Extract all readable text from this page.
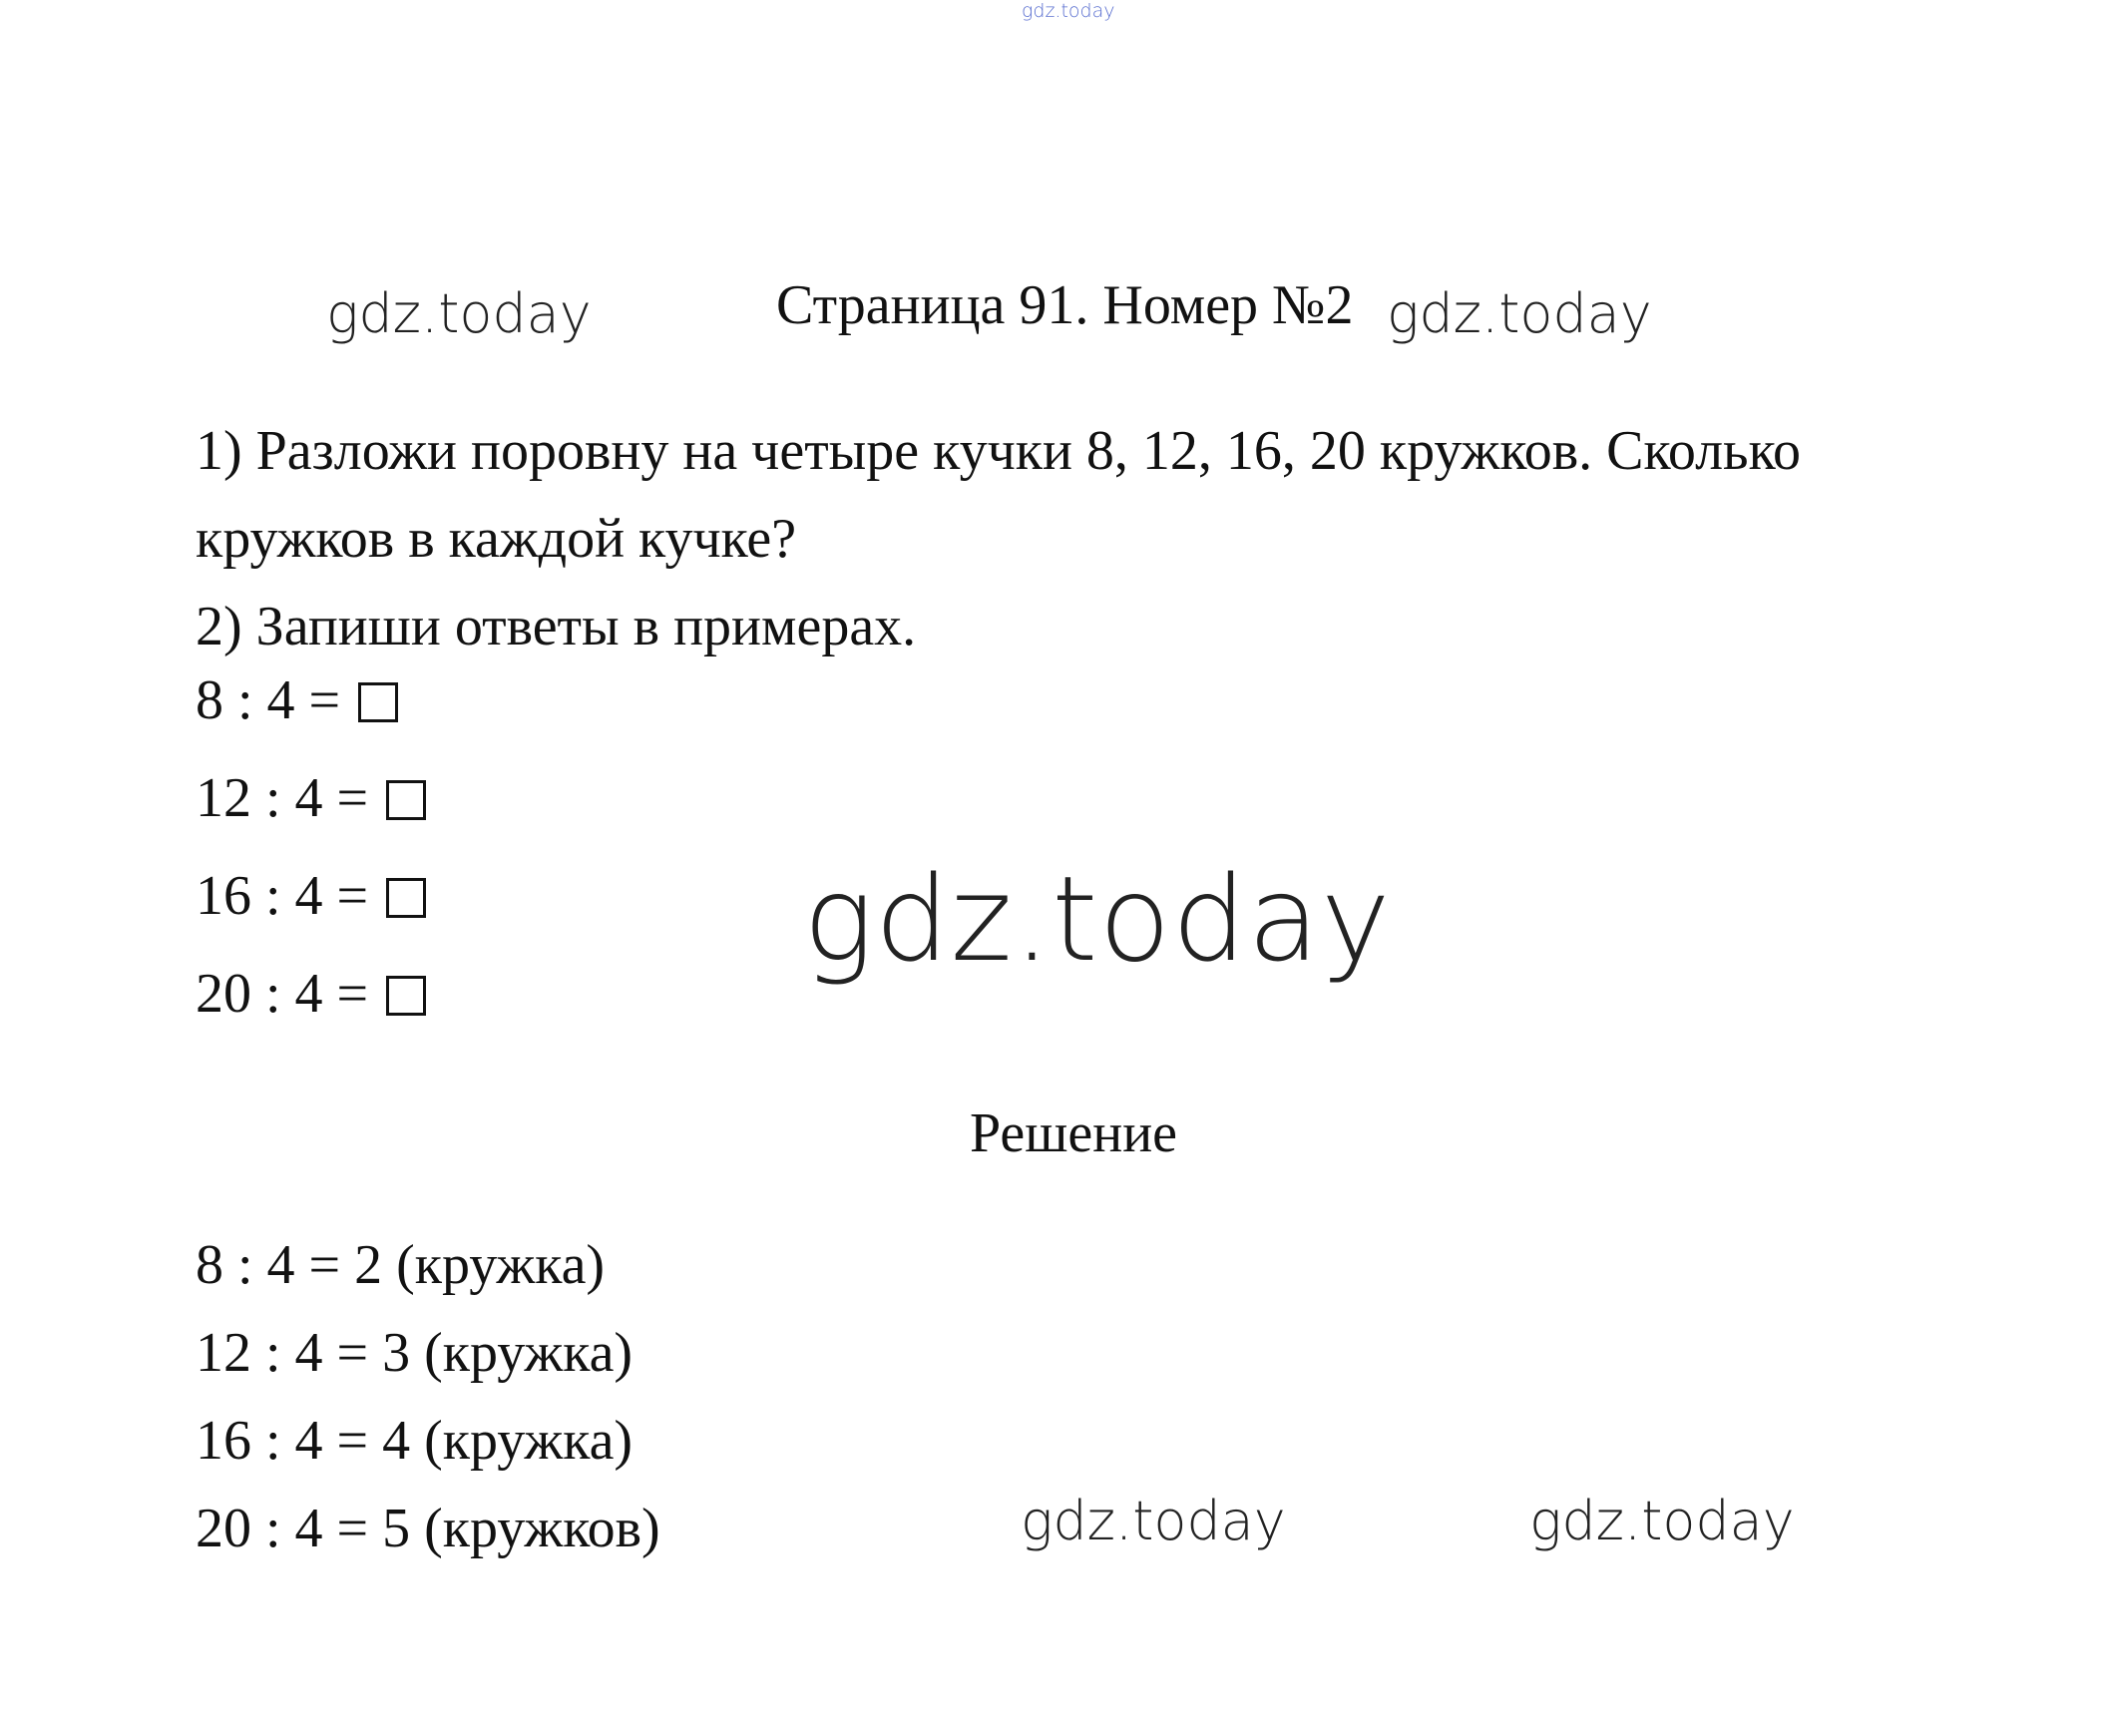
gdz.today
gdz.today	Страница 91. Номер №2 gdz.today

1) Разложи поровну на четыре кучки 8, 12, 16, 20 кружков. Сколько

кружков в каждой кучке?

2) Запиши ответы в примерах.

8 : 4 =
12 : 4 =
16 : 4 =
20 : 4 =
gdz.today
Решение
8 : 4 = 2 (кружка)
12 : 4 = 3 (кружка)
16 : 4 = 4 (кружка)
20 : 4 = 5 (кружков)	gdz.today	gdz.today
